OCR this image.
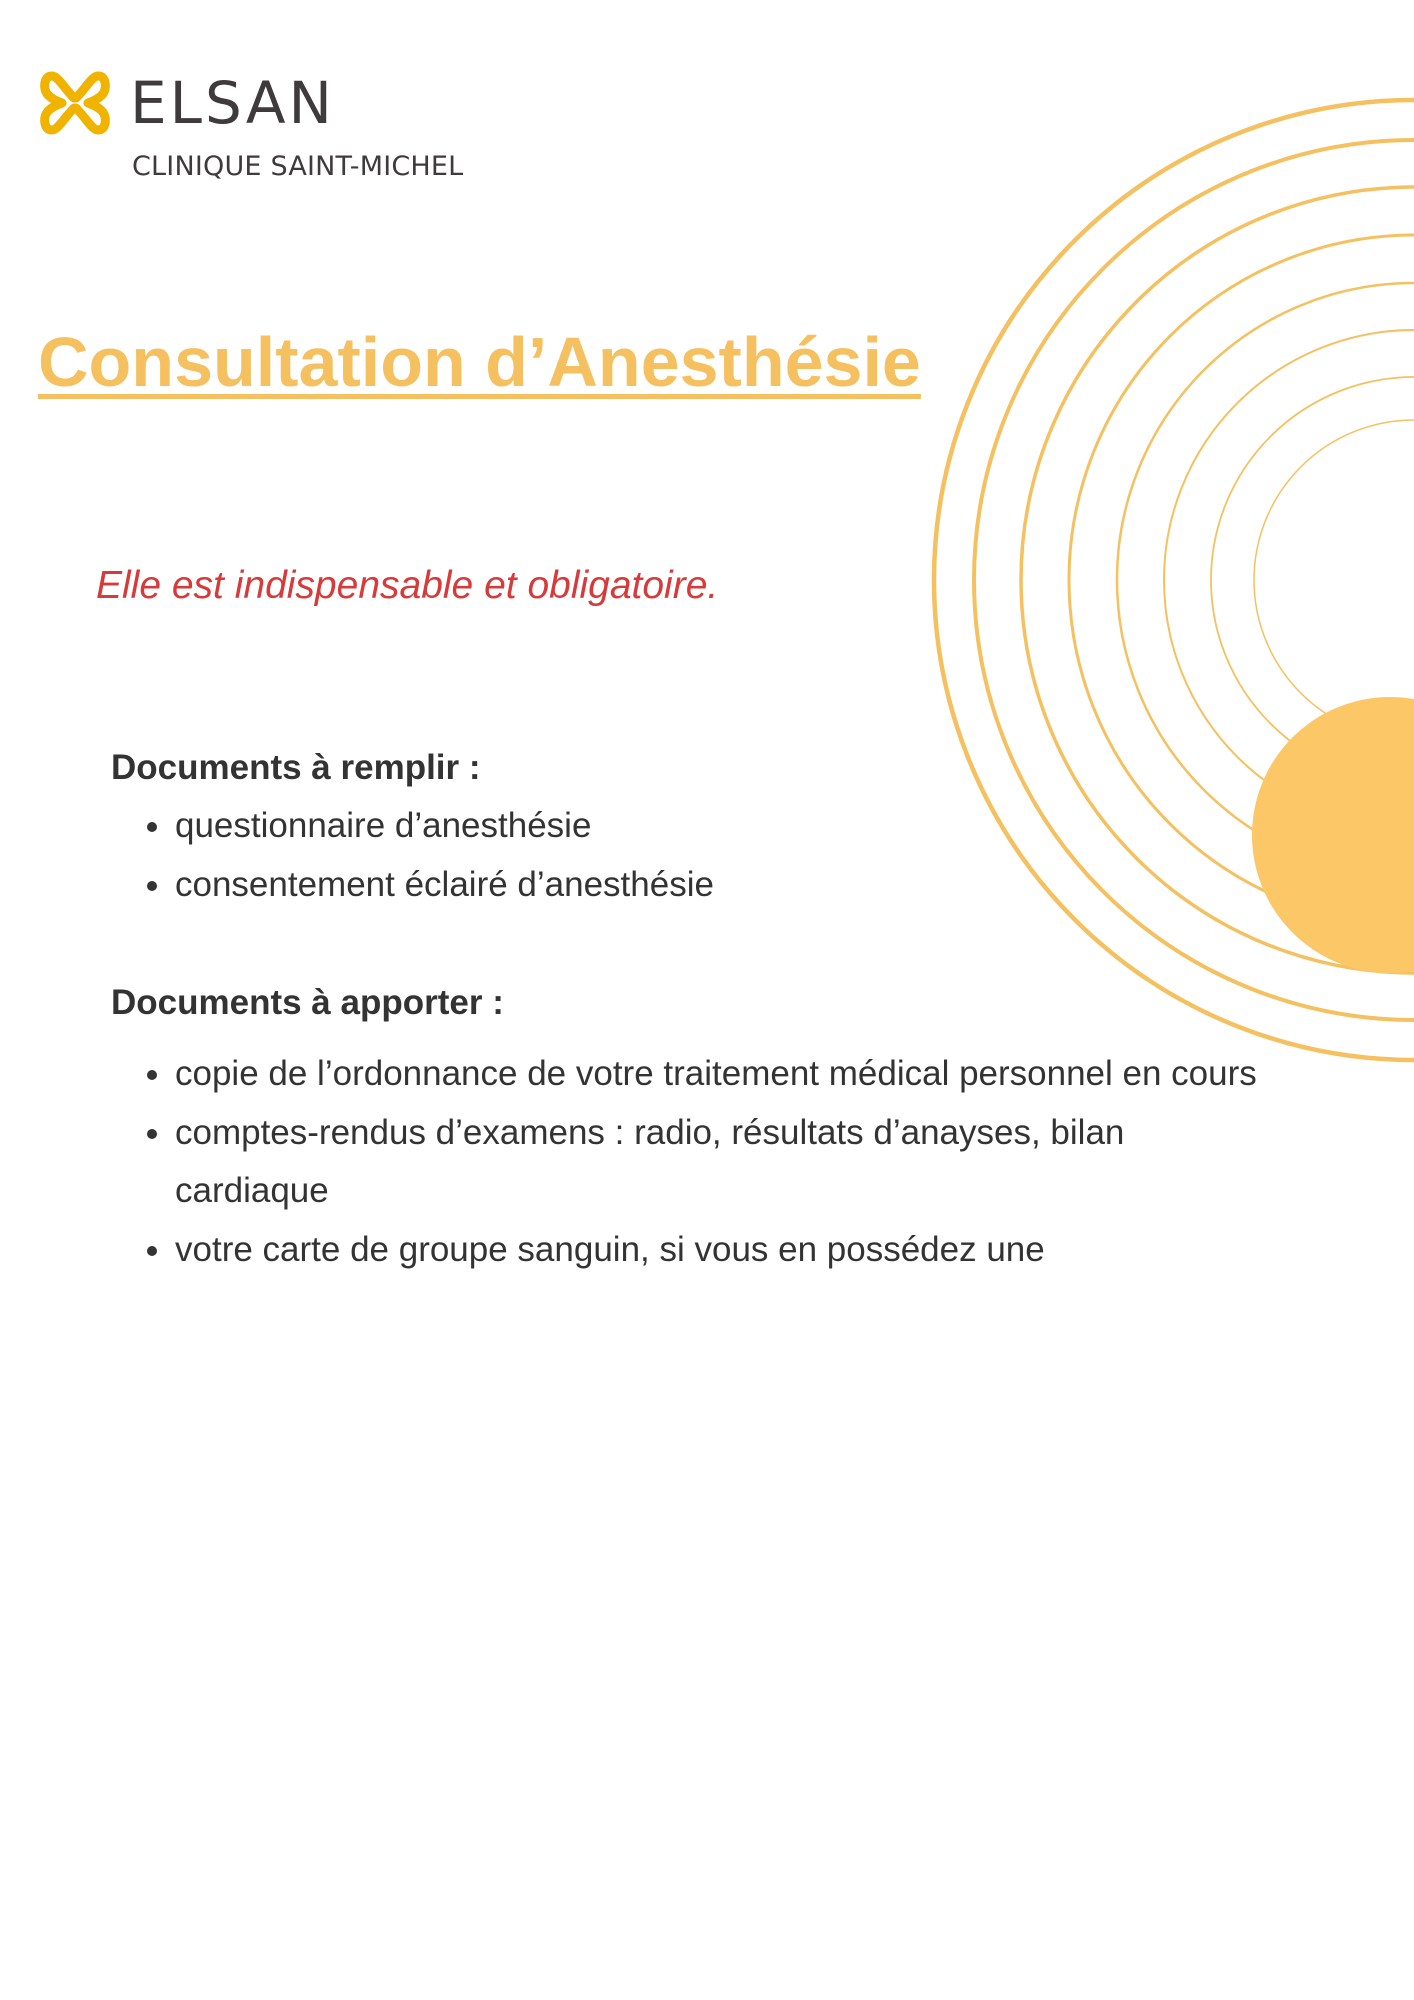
ELSAN
CLINIQUE SAINT-MICHEL
Consultation d’Anesthésie
Elle est indispensable et obligatoire.
Documents à remplir :
questionnaire d’anesthésie
consentement éclairé d’anesthésie
Documents à apporter :
copie de l’ordonnance de votre traitement médical personnel en cours
comptes-rendus d’examens : radio, résultats d’anayses, bilan cardiaque
votre carte de groupe sanguin, si vous en possédez une
